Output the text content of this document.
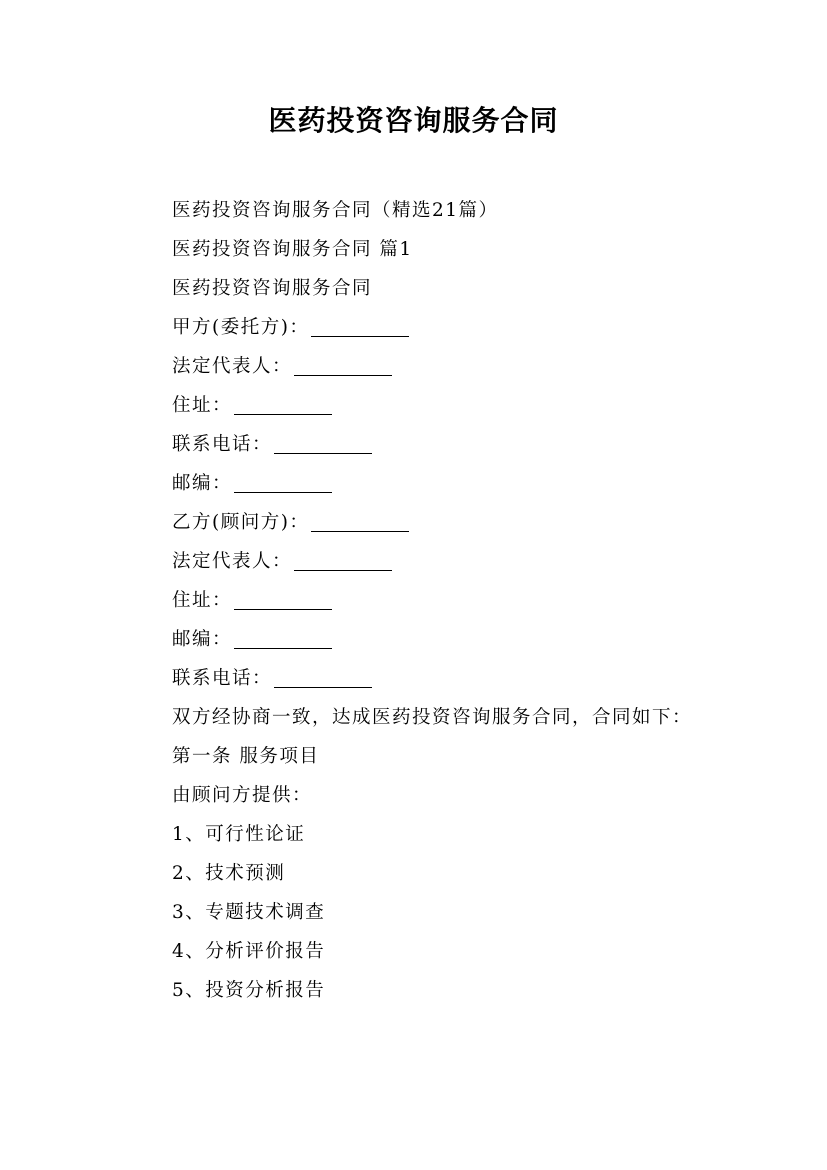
医药投资咨询服务合同
医药投资咨询服务合同（精选21篇）
医药投资咨询服务合同 篇1
医药投资咨询服务合同
甲方(委托方)：
法定代表人：
住址：
联系电话：
邮编：
乙方(顾问方)：
法定代表人：
住址：
邮编：
联系电话：
双方经协商一致，达成医药投资咨询服务合同，合同如下：
第一条 服务项目
由顾问方提供：
1、可行性论证
2、技术预测
3、专题技术调查
4、分析评价报告
5、投资分析报告
